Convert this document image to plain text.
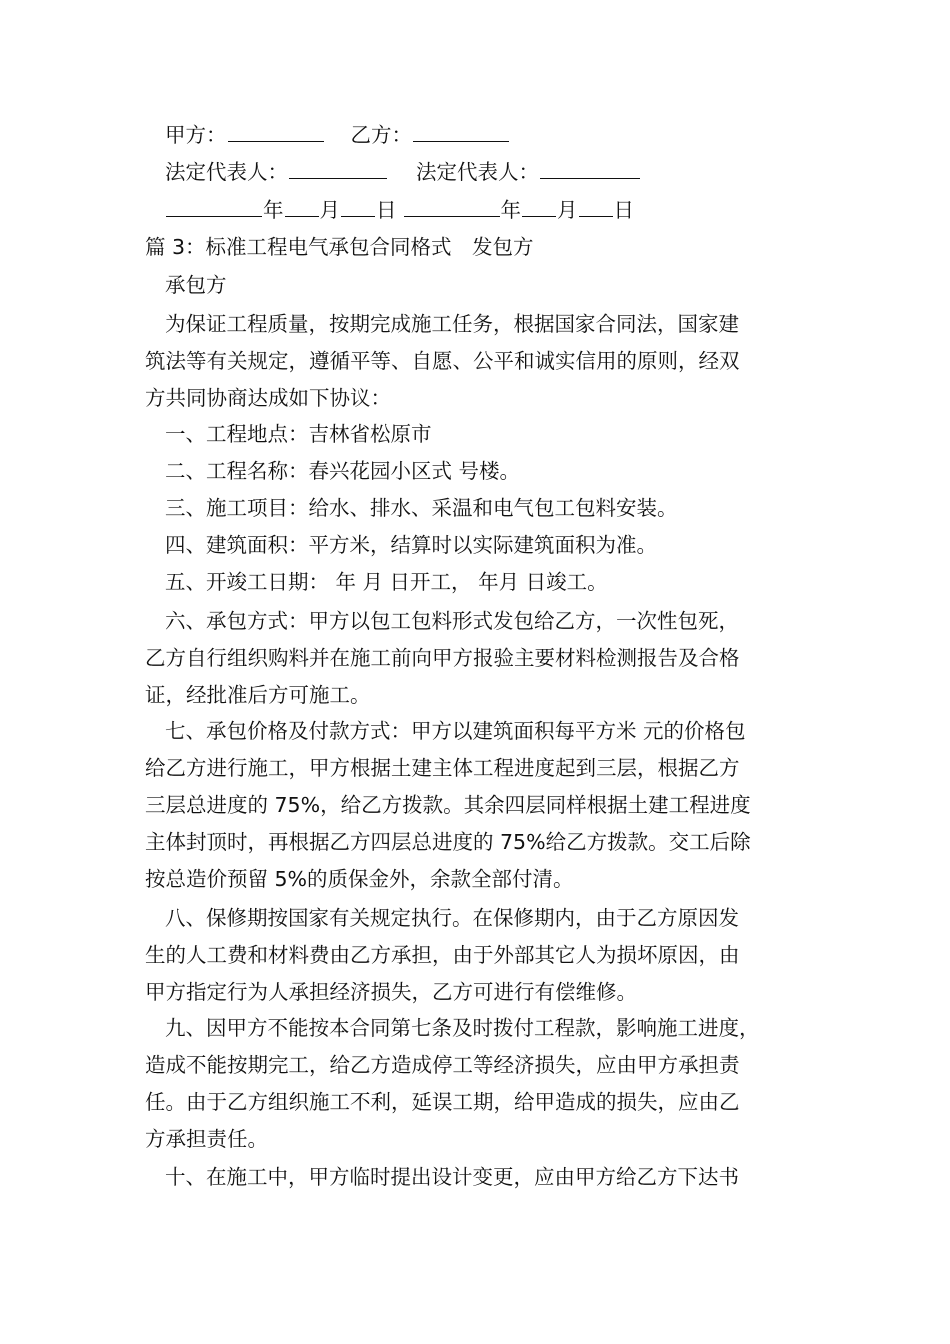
甲方：	乙方：
法定代表人：	法定代表人：
年 月 日	年 月 日
篇 3：标准工程电气承包合同格式　发包方
承包方
为保证工程质量，按期完成施工任务，根据国家合同法，国家建
筑法等有关规定，遵循平等、自愿、公平和诚实信用的原则，经双
方共同协商达成如下协议：
一、工程地点：吉林省松原市
二、工程名称：春兴花园小区式 号楼。
三、施工项目：给水、排水、采温和电气包工包料安装。
四、建筑面积：平方米，结算时以实际建筑面积为准。
五、开竣工日期： 年 月 日开工， 年月 日竣工。
六、承包方式：甲方以包工包料形式发包给乙方，一次性包死，
乙方自行组织购料并在施工前向甲方报验主要材料检测报告及合格
证，经批准后方可施工。
七、承包价格及付款方式：甲方以建筑面积每平方米 元的价格包
给乙方进行施工，甲方根据土建主体工程进度起到三层，根据乙方
三层总进度的 75%，给乙方拨款。其余四层同样根据土建工程进度
主体封顶时，再根据乙方四层总进度的 75%给乙方拨款。交工后除
按总造价预留 5%的质保金外，余款全部付清。
八、保修期按国家有关规定执行。在保修期内，由于乙方原因发
生的人工费和材料费由乙方承担，由于外部其它人为损坏原因，由
甲方指定行为人承担经济损失，乙方可进行有偿维修。
九、因甲方不能按本合同第七条及时拨付工程款，影响施工进度，
造成不能按期完工，给乙方造成停工等经济损失，应由甲方承担责
任。由于乙方组织施工不利，延误工期，给甲造成的损失，应由乙
方承担责任。
十、在施工中，甲方临时提出设计变更，应由甲方给乙方下达书
